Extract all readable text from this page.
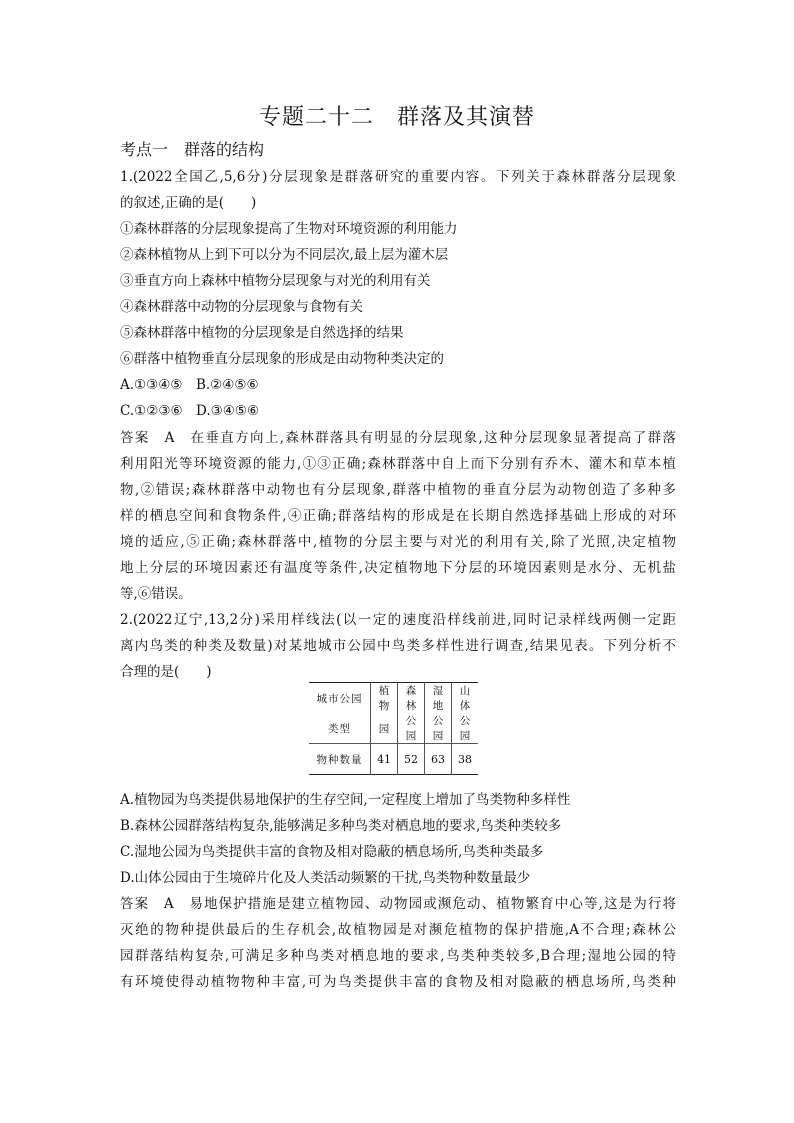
专题二十二　群落及其演替
考点一　群落的结构
1.(2022全国乙,5,6分)分层现象是群落研究的重要内容。下列关于森林群落分层现象
的叙述,正确的是(　　)
①森林群落的分层现象提高了生物对环境资源的利用能力
②森林植物从上到下可以分为不同层次,最上层为灌木层
③垂直方向上森林中植物分层现象与对光的利用有关
④森林群落中动物的分层现象与食物有关
⑤森林群落中植物的分层现象是自然选择的结果
⑥群落中植物垂直分层现象的形成是由动物种类决定的
A.①③④⑤　B.②④⑤⑥
C.①②③⑥　D.③④⑤⑥
答案　A　在垂直方向上,森林群落具有明显的分层现象,这种分层现象显著提高了群落
利用阳光等环境资源的能力,①③正确;森林群落中自上而下分别有乔木、灌木和草本植
物,②错误;森林群落中动物也有分层现象,群落中植物的垂直分层为动物创造了多种多
样的栖息空间和食物条件,④正确;群落结构的形成是在长期自然选择基础上形成的对环
境的适应,⑤正确;森林群落中,植物的分层主要与对光的利用有关,除了光照,决定植物
地上分层的环境因素还有温度等条件,决定植物地下分层的环境因素则是水分、无机盐
等,⑥错误。
2.(2022辽宁,13,2分)采用样线法(以一定的速度沿样线前进,同时记录样线两侧一定距
离内鸟类的种类及数量)对某地城市公园中鸟类多样性进行调查,结果见表。下列分析不
合理的是(　　)
城市公园	植物	森林	湿地	山体
类型	园	公园	公园	公园
物种数量	41	52	63	38
A.植物园为鸟类提供易地保护的生存空间,一定程度上增加了鸟类物种多样性
B.森林公园群落结构复杂,能够满足多种鸟类对栖息地的要求,鸟类种类较多
C.湿地公园为鸟类提供丰富的食物及相对隐蔽的栖息场所,鸟类种类最多
D.山体公园由于生境碎片化及人类活动频繁的干扰,鸟类物种数量最少
答案　A　易地保护措施是建立植物园、动物园或濒危动、植物繁育中心等,这是为行将
灭绝的物种提供最后的生存机会,故植物园是对濒危植物的保护措施,A不合理;森林公
园群落结构复杂,可满足多种鸟类对栖息地的要求,鸟类种类较多,B合理;湿地公园的特
有环境使得动植物物种丰富,可为鸟类提供丰富的食物及相对隐蔽的栖息场所,鸟类种
